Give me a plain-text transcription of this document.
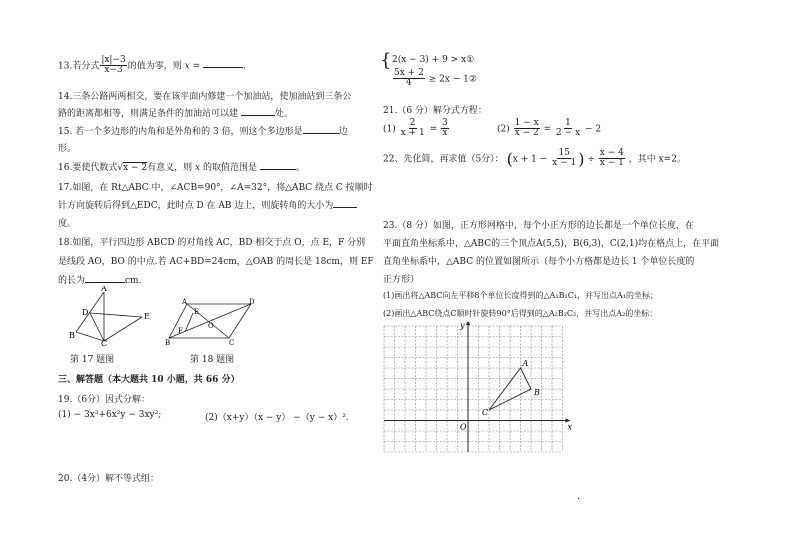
13.若分式 $\frac{|x|-3}{x-3}$ 的值为零，则 x =	.
14.三条公路两两相交，要在该平面内修建一个加油站，使加油站到三条公
路的距离都相等，则满足条件的加油站可以建	处。
15. 若一个多边形的内角和是外角和的 3 倍，则这个多边形是	边
形。
16.要使代数式√x − 2有意义，则 x 的取值范围是	。
17.如图，在 Rt△ABC 中，∠ACB=90°，∠A=32°，将△ABC 绕点 C 按顺时
针方向旋转后得到△EDC，此时点 D 在 AB 边上，则旋转角的大小为
度。
18.如图，平行四边形 ABCD 的对角线 AC，BD 相交于点 O，点 E，F 分别
是线段 AO，BO 的中点.若 AC+BD=24cm，△OAB 的周长是 18cm，则 EF
的长为	cm.
A
B
C
D	E
第 17 题图
A
B	C
D
E
F
O
第 18 题图
三、解答题（本大题共 10 小题，共 66 分）
19.（6分）因式分解：
(1) − 3x³+6x²y − 3xy²;	(2)（x+y）（x − y） −（y − x）².
20.（4分）解不等式组：
{ 2(x − 3) + 9 > x①
$\frac{5x + 2}{4} \ge 2x$ − 1②
21.（6 分）解分式方程：
$(1) \frac{2}{x + 1} = \frac{3}{x}$	$(2) \frac{1 - x}{x - 2} = \frac{1}{2 - x} - 2$
22、先化简，再求值（5分）： ($x + 1 - \frac{15}{x - 1}$ ) ÷ $\frac{x - 4}{x - 1}$ ，其中 x=2。
23.（8 分）如图，正方形网格中，每个小正方形的边长都是一个单位长度，在
平面直角坐标系中，△ABC的三个顶点A(5,5)，B(6,3)，C(2,1)均在格点上，在平面
直角坐标系中，△ABC 的位置如图所示（每个小方格都是边长 1 个单位长度的
正方形）
(1)画出将△ABC向左平移8个单位长度得到的△A₁B₁C₁，并写出点A₁的坐标；
(2)画出△ABC绕点C顺时针旋转90°后得到的△A₂B₂C₂，并写出点A₂的坐标：
A
B
C
x
y
O
·
